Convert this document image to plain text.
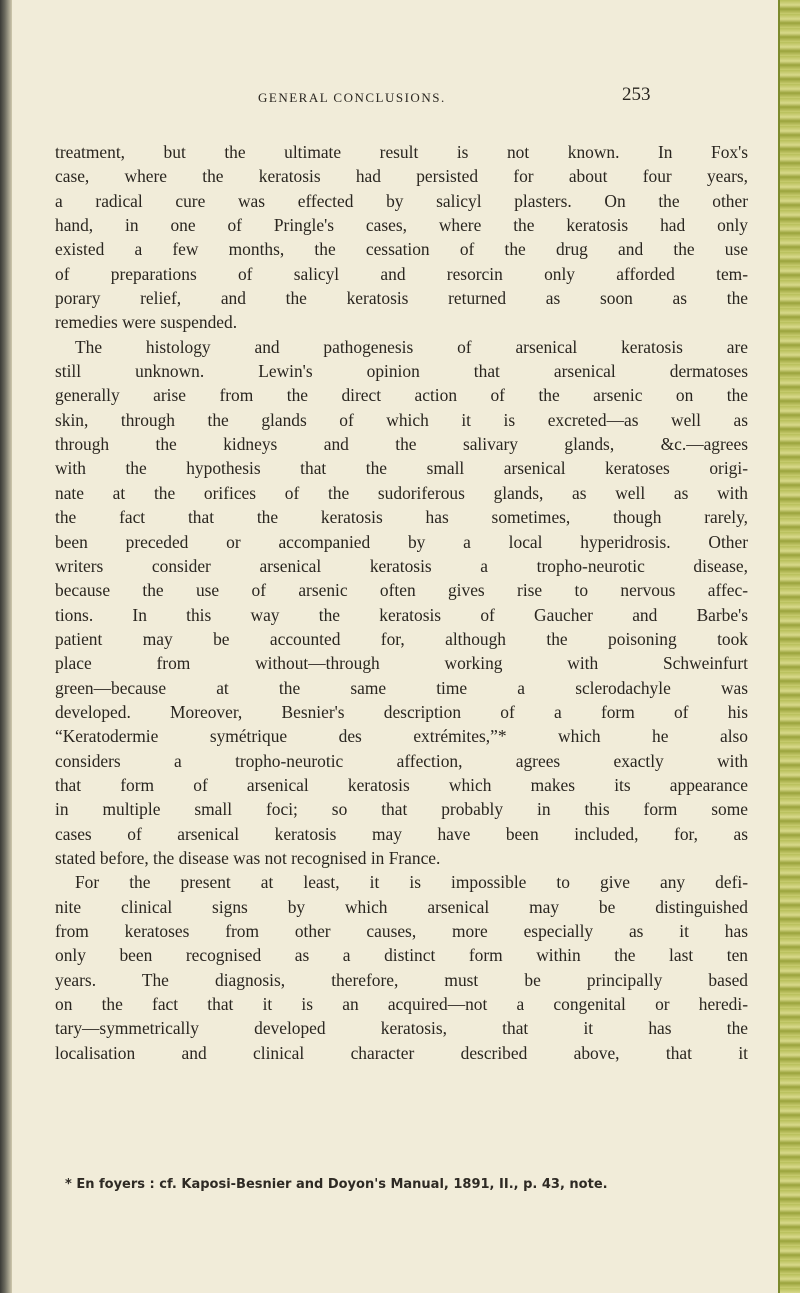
GENERAL CONCLUSIONS.	253
treatment, but the ultimate result is not known. In Fox's
case, where the keratosis had persisted for about four years,
a radical cure was effected by salicyl plasters. On the other
hand, in one of Pringle's cases, where the keratosis had only
existed a few months, the cessation of the drug and the use
of preparations of salicyl and resorcin only afforded tem-
porary relief, and the keratosis returned as soon as the
remedies were suspended.
The histology and pathogenesis of arsenical keratosis are
still unknown. Lewin's opinion that arsenical dermatoses
generally arise from the direct action of the arsenic on the
skin, through the glands of which it is excreted—as well as
through the kidneys and the salivary glands, &c.—agrees
with the hypothesis that the small arsenical keratoses origi-
nate at the orifices of the sudoriferous glands, as well as with
the fact that the keratosis has sometimes, though rarely,
been preceded or accompanied by a local hyperidrosis. Other
writers consider arsenical keratosis a tropho-neurotic disease,
because the use of arsenic often gives rise to nervous affec-
tions. In this way the keratosis of Gaucher and Barbe's
patient may be accounted for, although the poisoning took
place from without—through working with Schweinfurt
green—because at the same time a sclerodachyle was
developed. Moreover, Besnier's description of a form of his
“Keratodermie symétrique des extrémites,”* which he also
considers a tropho-neurotic affection, agrees exactly with
that form of arsenical keratosis which makes its appearance
in multiple small foci; so that probably in this form some
cases of arsenical keratosis may have been included, for, as
stated before, the disease was not recognised in France.
For the present at least, it is impossible to give any defi-
nite clinical signs by which arsenical may be distinguished
from keratoses from other causes, more especially as it has
only been recognised as a distinct form within the last ten
years. The diagnosis, therefore, must be principally based
on the fact that it is an acquired—not a congenital or heredi-
tary—symmetrically developed keratosis, that it has the
localisation and clinical character described above, that it
* En foyers : cf. Kaposi-Besnier and Doyon's Manual, 1891, II., p. 43, note.
